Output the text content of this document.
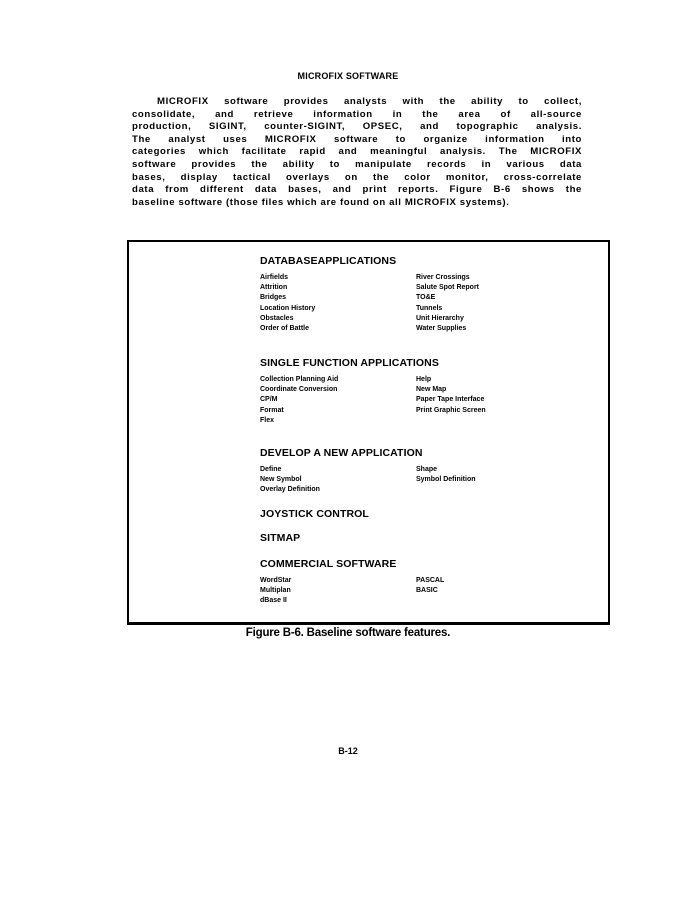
MICROFIX SOFTWARE
MICROFIX software provides analysts with the ability to collect,
consolidate, and retrieve information in the area of all-source
production, SIGINT, counter-SIGINT, OPSEC, and topographic analysis.
The analyst uses MICROFIX software to organize information into
categories which facilitate rapid and meaningful analysis. The MICROFIX
software provides the ability to manipulate records in various data
bases, display tactical overlays on the color monitor, cross-correlate
data from different data bases, and print reports. Figure B-6 shows the
baseline software (those files which are found on all MICROFIX systems).
DATABASEAPPLICATIONS
Airfields
Attrition
Bridges
Location History
Obstacles
Order of Battle
River Crossings
Salute Spot Report
TO&E
Tunnels
Unit Hierarchy
Water Supplies
SINGLE FUNCTION APPLICATIONS
Collection Planning Aid
Coordinate Conversion
CP/M
Format
Flex
Help
New Map
Paper Tape Interface
Print Graphic Screen
DEVELOP A NEW APPLICATION
Define
New Symbol
Overlay Definition
Shape
Symbol Definition
JOYSTICK CONTROL
SITMAP
COMMERCIAL SOFTWARE
WordStar
Multiplan
dBase II
PASCAL
BASIC
Figure B-6. Baseline software features.
B-12
